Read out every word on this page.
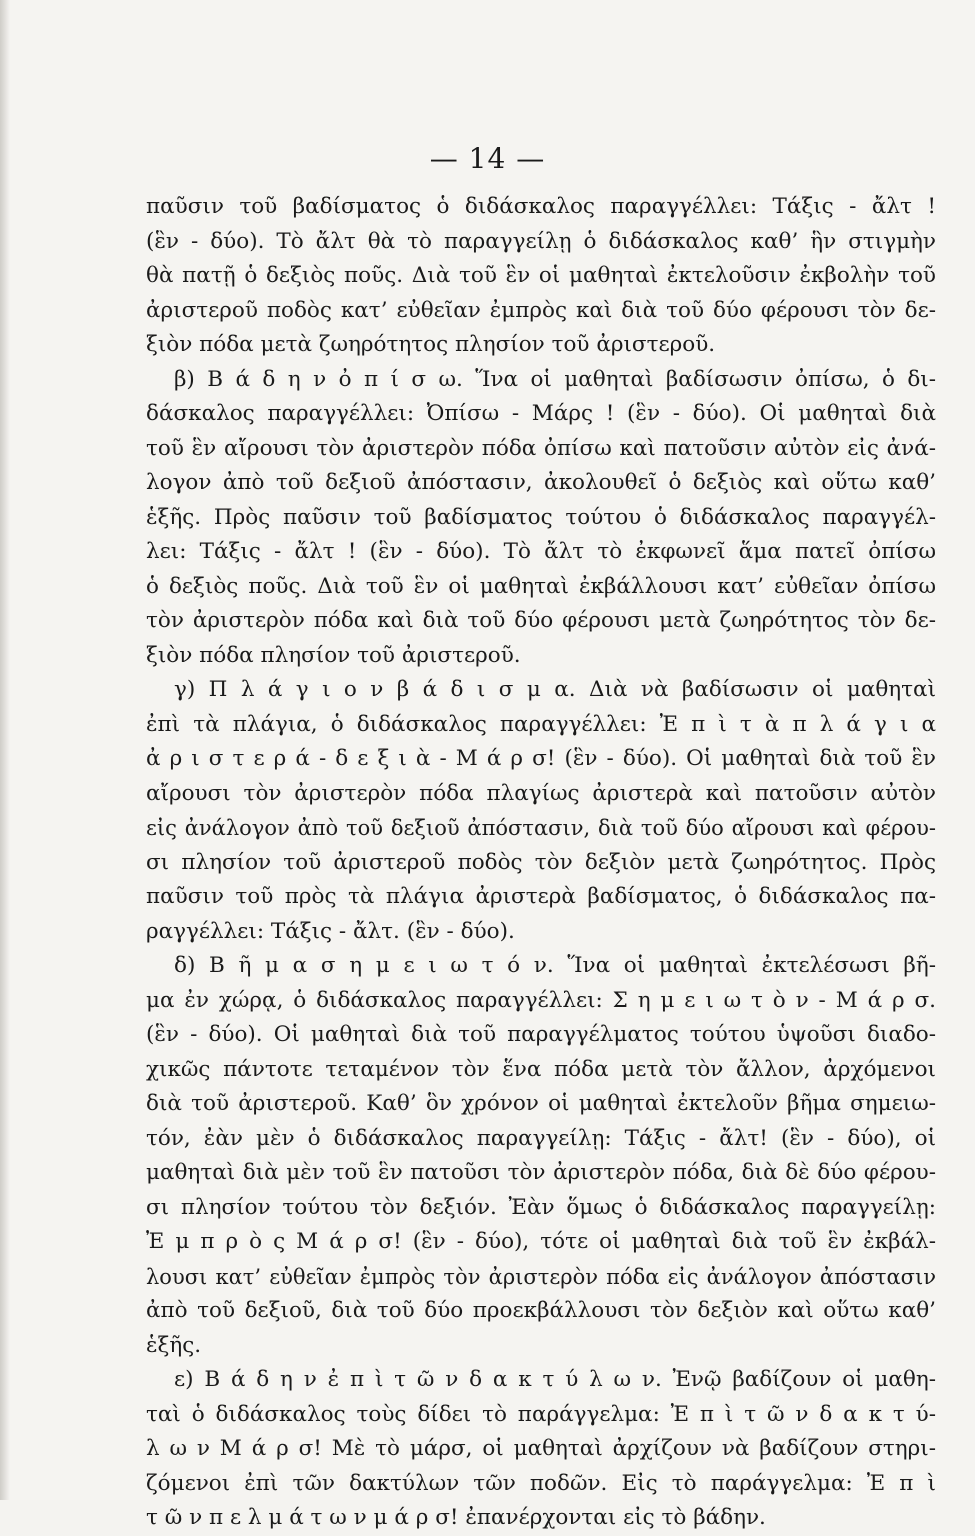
— 14 —
παῦσιν τοῦ βαδίσματος ὁ διδάσκαλος παραγγέλλει: Τάξις - ἄλτ !
(ἓν - δύο). Τὸ ἄλτ θὰ τὸ παραγγείλῃ ὁ διδάσκαλος καθ’ ἣν στιγμὴν
θὰ πατῇ ὁ δεξιὸς ποῦς. Διὰ τοῦ ἓν οἱ μαθηταὶ ἐκτελοῦσιν ἐκβολὴν τοῦ
ἀριστεροῦ ποδὸς κατ’ εὐθεῖαν ἐμπρὸς καὶ διὰ τοῦ δύο φέρουσι τὸν δε-
ξιὸν πόδα μετὰ ζωηρότητος πλησίον τοῦ ἀριστεροῦ.
β) Β ά δ η ν ὀ π ί σ ω. Ἵνα οἱ μαθηταὶ βαδίσωσιν ὀπίσω, ὁ δι-
δάσκαλος παραγγέλλει: Ὀπίσω - Μάρς ! (ἓν - δύο). Οἱ μαθηταὶ διὰ
τοῦ ἓν αἴρουσι τὸν ἀριστερὸν πόδα ὀπίσω καὶ πατοῦσιν αὐτὸν εἰς ἀνά-
λογον ἀπὸ τοῦ δεξιοῦ ἀπόστασιν, ἀκολουθεῖ ὁ δεξιὸς καὶ οὕτω καθ’
ἑξῆς. Πρὸς παῦσιν τοῦ βαδίσματος τούτου ὁ διδάσκαλος παραγγέλ-
λει: Τάξις - ἄλτ ! (ἓν - δύο). Τὸ ἄλτ τὸ ἐκφωνεῖ ἅμα πατεῖ ὀπίσω
ὁ δεξιὸς ποῦς. Διὰ τοῦ ἓν οἱ μαθηταὶ ἐκβάλλουσι κατ’ εὐθεῖαν ὀπίσω
τὸν ἀριστερὸν πόδα καὶ διὰ τοῦ δύο φέρουσι μετὰ ζωηρότητος τὸν δε-
ξιὸν πόδα πλησίον τοῦ ἀριστεροῦ.
γ) Π λ ά γ ι ο ν β ά δ ι σ μ α. Διὰ νὰ βαδίσωσιν οἱ μαθηταὶ
ἐπὶ τὰ πλάγια, ὁ διδάσκαλος παραγγέλλει: Ἐ π ὶ τ ὰ π λ ά γ ι α
ἀ ρ ι σ τ ε ρ ά - δ ε ξ ι ὰ - Μ ά ρ σ! (ἓν - δύο). Οἱ μαθηταὶ διὰ τοῦ ἓν
αἴρουσι τὸν ἀριστερὸν πόδα πλαγίως ἀριστερὰ καὶ πατοῦσιν αὐτὸν
εἰς ἀνάλογον ἀπὸ τοῦ δεξιοῦ ἀπόστασιν, διὰ τοῦ δύο αἴρουσι καὶ φέρου-
σι πλησίον τοῦ ἀριστεροῦ ποδὸς τὸν δεξιὸν μετὰ ζωηρότητος. Πρὸς
παῦσιν τοῦ πρὸς τὰ πλάγια ἀριστερὰ βαδίσματος, ὁ διδάσκαλος πα-
ραγγέλλει: Τάξις - ἄλτ. (ἓν - δύο).
δ) Β ῆ μ α σ η μ ε ι ω τ ό ν. Ἵνα οἱ μαθηταὶ ἐκτελέσωσι βῆ-
μα ἐν χώρᾳ, ὁ διδάσκαλος παραγγέλλει: Σ η μ ε ι ω τ ὸ ν - Μ ά ρ σ.
(ἓν - δύο). Οἱ μαθηταὶ διὰ τοῦ παραγγέλματος τούτου ὑψοῦσι διαδο-
χικῶς πάντοτε τεταμένον τὸν ἕνα πόδα μετὰ τὸν ἄλλον, ἀρχόμενοι
διὰ τοῦ ἀριστεροῦ. Καθ’ ὃν χρόνον οἱ μαθηταὶ ἐκτελοῦν βῆμα σημειω-
τόν, ἐὰν μὲν ὁ διδάσκαλος παραγγείλῃ: Τάξις - ἄλτ! (ἓν - δύο), οἱ
μαθηταὶ διὰ μὲν τοῦ ἓν πατοῦσι τὸν ἀριστερὸν πόδα, διὰ δὲ δύο φέρου-
σι πλησίον τούτου τὸν δεξιόν. Ἐὰν ὅμως ὁ διδάσκαλος παραγγείλῃ:
Ἐ μ π ρ ὸ ς Μ ά ρ σ! (ἓν - δύο), τότε οἱ μαθηταὶ διὰ τοῦ ἓν ἐκβάλ-
λουσι κατ’ εὐθεῖαν ἐμπρὸς τὸν ἀριστερὸν πόδα εἰς ἀνάλογον ἀπόστασιν
ἀπὸ τοῦ δεξιοῦ, διὰ τοῦ δύο προεκβάλλουσι τὸν δεξιὸν καὶ οὕτω καθ’
ἑξῆς.
ε) Β ά δ η ν ἐ π ὶ τ ῶ ν δ α κ τ ύ λ ω ν. Ἐνῷ βαδίζουν οἱ μαθη-
ταὶ ὁ διδάσκαλος τοὺς δίδει τὸ παράγγελμα: Ἐ π ὶ τ ῶ ν δ α κ τ ύ-
λ ω ν Μ ά ρ σ! Μὲ τὸ μάρσ, οἱ μαθηταὶ ἀρχίζουν νὰ βαδίζουν στηρι-
ζόμενοι ἐπὶ τῶν δακτύλων τῶν ποδῶν. Εἰς τὸ παράγγελμα: Ἐ π ὶ
τ ῶ ν π ε λ μ ά τ ω ν μ ά ρ σ! ἐπανέρχονται εἰς τὸ βάδην.
